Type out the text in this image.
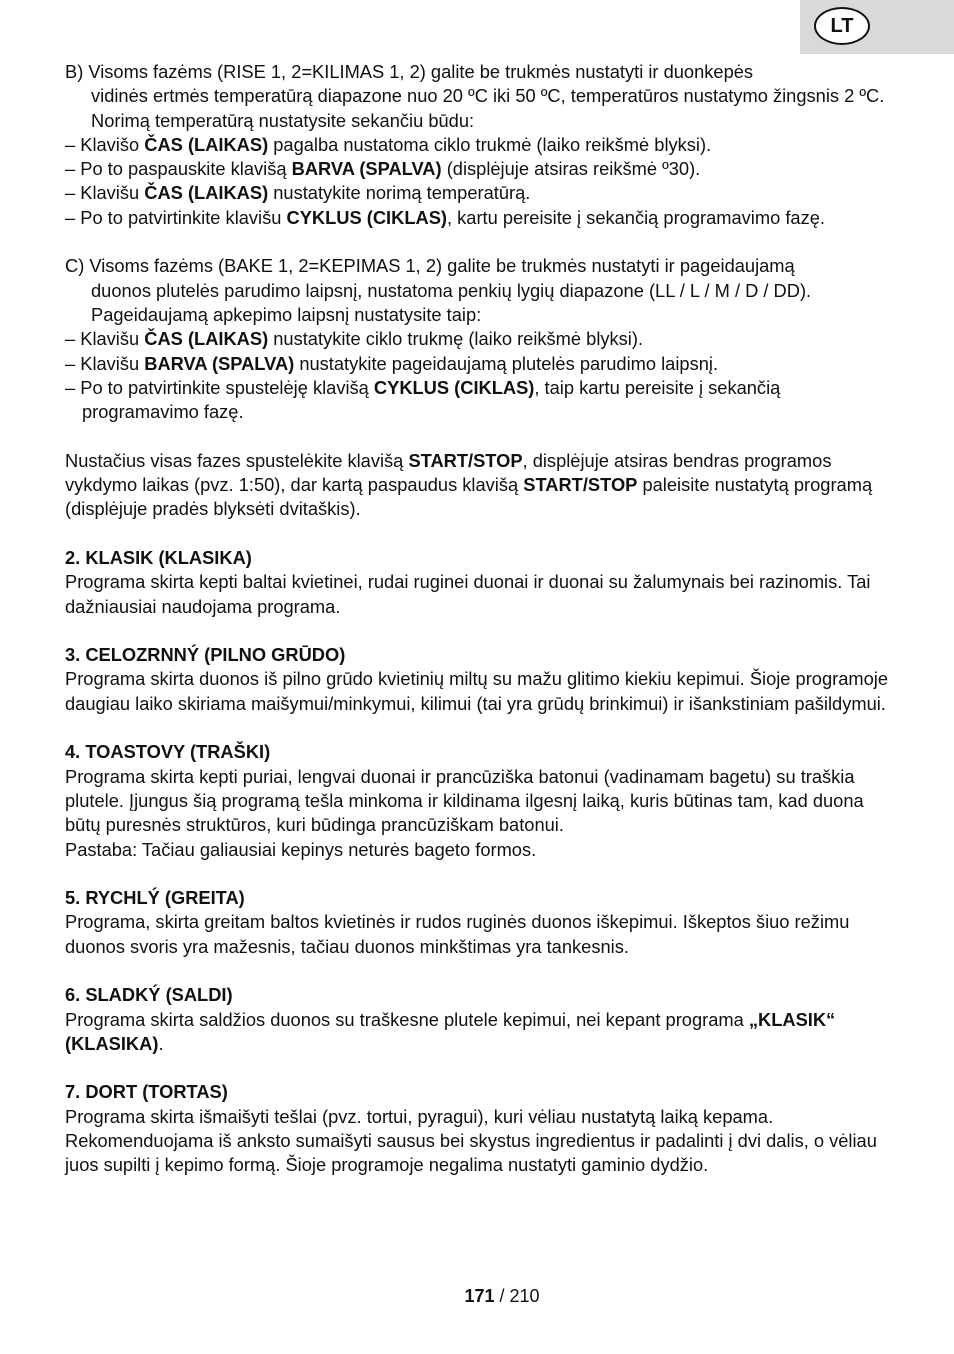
LT

B) Visoms fazėms (RISE 1, 2=KILIMAS 1, 2) galite be trukmės nustatyti ir duonkepės

vidinės ertmės temperatūrą diapazone nuo 20 ºC iki 50 ºC, temperatūros nustatymo žingsnis 2 ºC. Norimą temperatūrą nustatysite sekančiu būdu:

– Klavišo ČAS (LAIKAS) pagalba nustatoma ciklo trukmė (laiko reikšmė blyksi).

– Po to paspauskite klavišą BARVA (SPALVA) (displėjuje atsiras reikšmė º30).

– Klavišu ČAS (LAIKAS) nustatykite norimą temperatūrą.

– Po to patvirtinkite klavišu CYKLUS (CIKLAS), kartu pereisite į sekančią programavimo fazę.

C) Visoms fazėms (BAKE 1, 2=KEPIMAS 1, 2) galite be trukmės nustatyti ir pageidaujamą

duonos plutelės parudimo laipsnį, nustatoma penkių lygių diapazone (LL / L / M / D / DD). Pageidaujamą apkepimo laipsnį nustatysite taip:

– Klavišu ČAS (LAIKAS) nustatykite ciklo trukmę (laiko reikšmė blyksi).

– Klavišu BARVA (SPALVA) nustatykite pageidaujamą plutelės parudimo laipsnį.

– Po to patvirtinkite spustelėję klavišą CYKLUS (CIKLAS), taip kartu pereisite į sekančią programavimo fazę.

Nustačius visas fazes spustelėkite klavišą START/STOP, displėjuje atsiras bendras programos vykdymo laikas (pvz. 1:50), dar kartą paspaudus klavišą START/STOP paleisite nustatytą programą (displėjuje pradės blyksėti dvitaškis).

2. KLASIK (KLASIKA)

Programa skirta kepti baltai kvietinei, rudai ruginei duonai ir duonai su žalumynais bei razinomis. Tai dažniausiai naudojama programa.

3. CELOZRNNÝ (PILNO GRŪDO)

Programa skirta duonos iš pilno grūdo kvietinių miltų su mažu glitimo kiekiu kepimui. Šioje programoje daugiau laiko skiriama maišymui/minkymui, kilimui (tai yra grūdų brinkimui) ir išankstiniam pašildymui.

4. TOASTOVY (TRAŠKI)

Programa skirta kepti puriai, lengvai duonai ir prancūziška batonui (vadinamam bagetu) su traškia plutele. Įjungus šią programą tešla minkoma ir kildinama ilgesnį laiką, kuris būtinas tam, kad duona būtų puresnės struktūros, kuri būdinga prancūziškam batonui.

Pastaba: Tačiau galiausiai kepinys neturės bageto formos.

5. RYCHLÝ (GREITA)

Programa, skirta greitam baltos kvietinės ir rudos ruginės duonos iškepimui. Iškeptos šiuo režimu duonos svoris yra mažesnis, tačiau duonos minkštimas yra tankesnis.

6. SLADKÝ (SALDI)

Programa skirta saldžios duonos su traškesne plutele kepimui, nei kepant programa „KLASIK“ (KLASIKA).

7. DORT (TORTAS)

Programa skirta išmaišyti tešlai (pvz. tortui, pyragui), kuri vėliau nustatytą laiką kepama. Rekomenduojama iš anksto sumaišyti sausus bei skystus ingredientus ir padalinti į dvi dalis, o vėliau juos supilti į kepimo formą. Šioje programoje negalima nustatyti gaminio dydžio.

171 / 210
